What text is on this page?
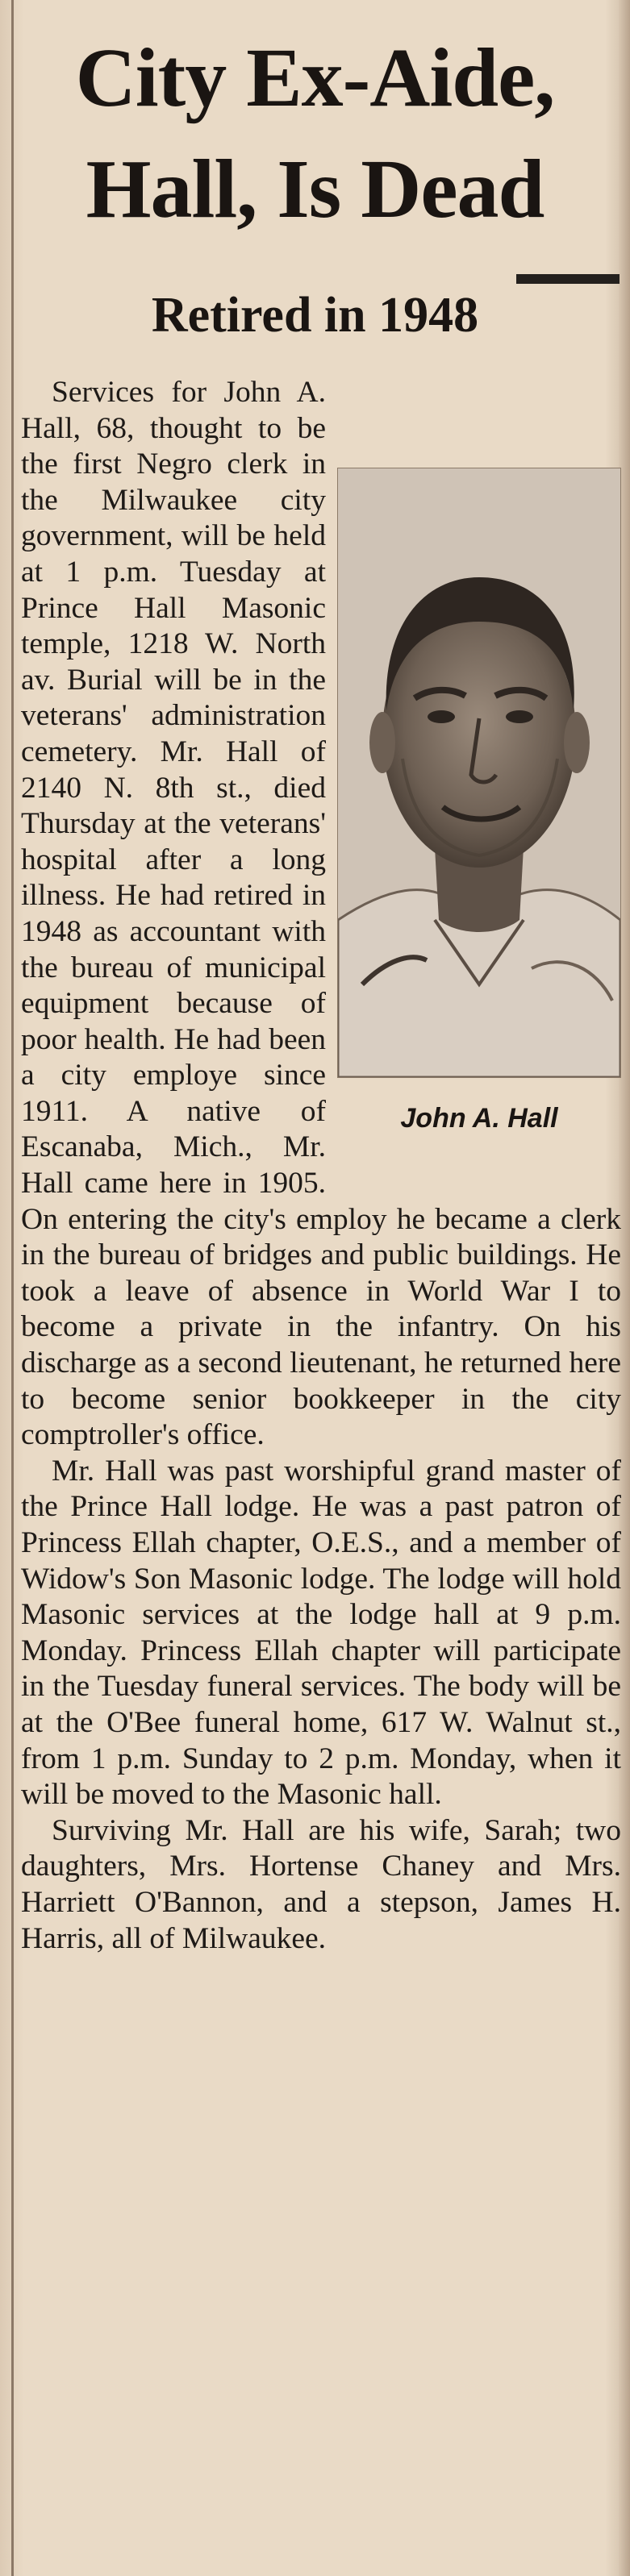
City Ex-Aide,
Hall, Is Dead
Retired in 1948
John A. Hall

Services for John A. Hall, 68, thought to be the first Negro clerk in the Milwaukee city government, will be held at 1 p.m. Tuesday at Prince Hall Masonic temple, 1218 W. North av. Burial will be in the veterans' administration cemetery. Mr. Hall of 2140 N. 8th st., died Thursday at the veterans' hospital after a long illness. He had retired in 1948 as accountant with the bureau of municipal equipment because of poor health. He had been a city employe since 1911. A native of Escanaba, Mich., Mr. Hall came here in 1905. On entering the city's employ he became a clerk in the bureau of bridges and public buildings. He took a leave of absence in World War I to become a private in the infantry. On his discharge as a second lieutenant, he returned here to become senior bookkeeper in the city comptroller's office.

Mr. Hall was past worshipful grand master of the Prince Hall lodge. He was a past patron of Princess Ellah chapter, O.E.S., and a member of Widow's Son Masonic lodge. The lodge will hold Masonic services at the lodge hall at 9 p.m. Monday. Princess Ellah chapter will participate in the Tuesday funeral services. The body will be at the O'Bee funeral home, 617 W. Walnut st., from 1 p.m. Sunday to 2 p.m. Monday, when it will be moved to the Masonic hall.

Surviving Mr. Hall are his wife, Sarah; two daughters, Mrs. Hortense Chaney and Mrs. Harriett O'Bannon, and a stepson, James H. Harris, all of Milwaukee.
